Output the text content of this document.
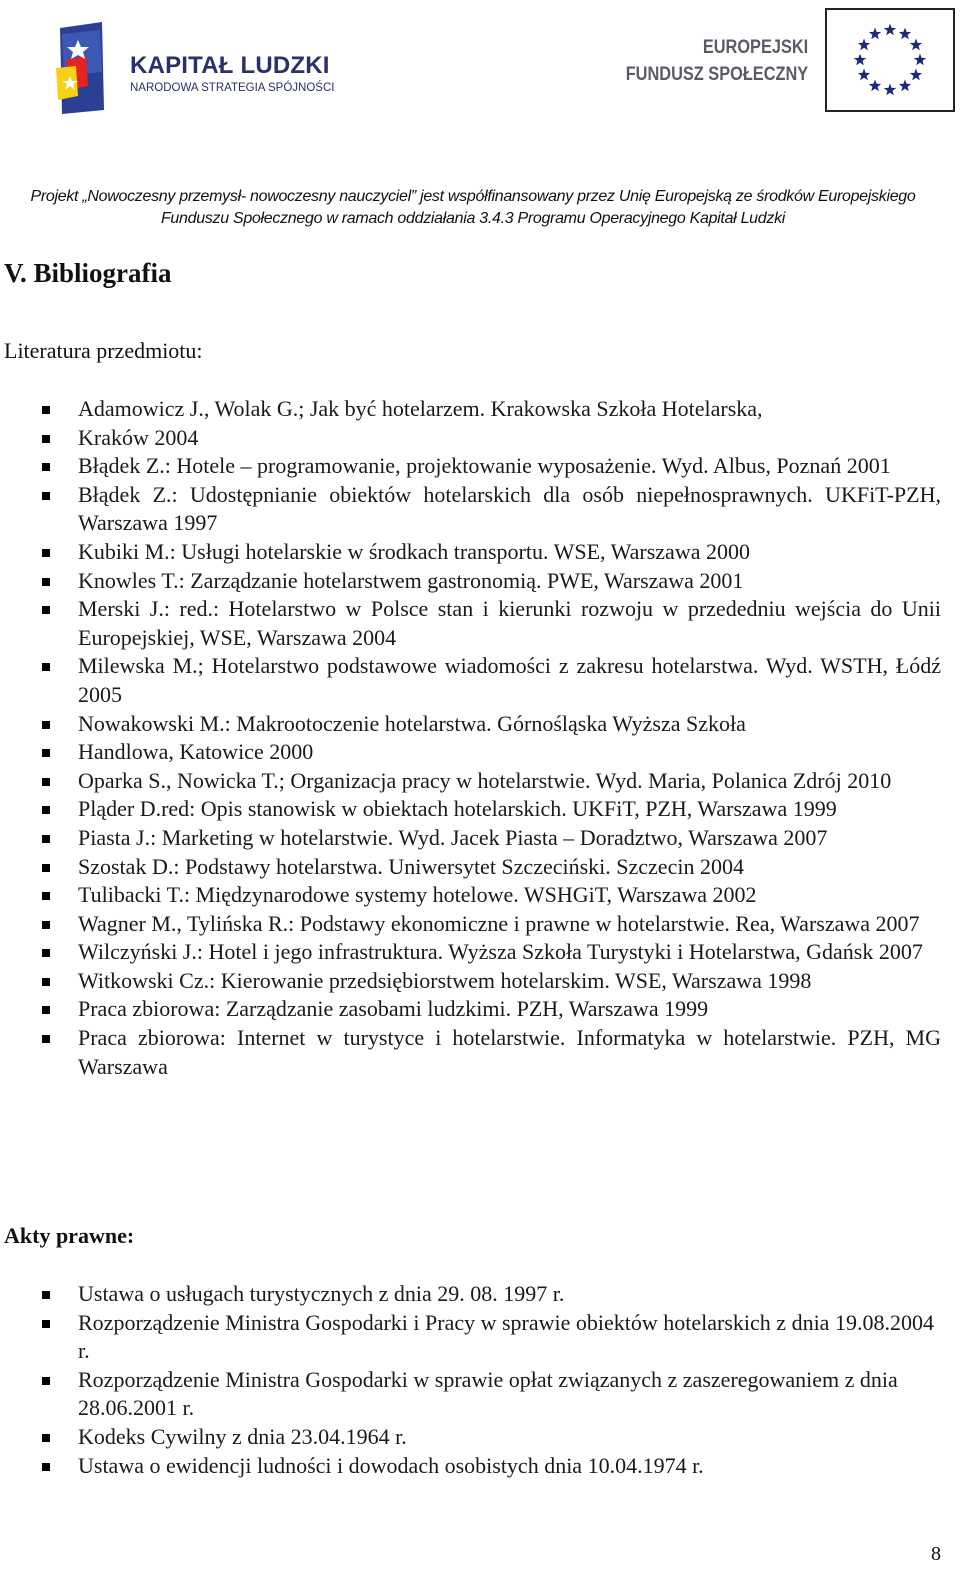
KAPITAŁ LUDZKI
NARODOWA STRATEGIA SPÓJNOŚCI
EUROPEJSKI
FUNDUSZ SPOŁECZNY
Projekt „Nowoczesny przemysł- nowoczesny nauczyciel” jest współfinansowany przez Unię Europejską ze środków Europejskiego
Funduszu Społecznego w ramach oddziałania 3.4.3 Programu Operacyjnego Kapitał Ludzki
V. Bibliografia
Literatura przedmiotu:
Adamowicz J., Wolak G.; Jak być hotelarzem. Krakowska Szkoła Hotelarska,
Kraków 2004
Błądek Z.: Hotele – programowanie, projektowanie wyposażenie. Wyd. Albus, Poznań 2001
Błądek Z.: Udostępnianie obiektów hotelarskich dla osób niepełnosprawnych. UKFiT-PZH, Warszawa 1997
Kubiki M.: Usługi hotelarskie w środkach transportu. WSE, Warszawa 2000
Knowles T.: Zarządzanie hotelarstwem gastronomią. PWE, Warszawa 2001
Merski J.: red.: Hotelarstwo w Polsce stan i kierunki rozwoju w przededniu wejścia do Unii Europejskiej, WSE, Warszawa 2004
Milewska M.; Hotelarstwo podstawowe wiadomości z zakresu hotelarstwa. Wyd. WSTH, Łódź 2005
Nowakowski M.: Makrootoczenie hotelarstwa. Górnośląska Wyższa Szkoła
Handlowa, Katowice 2000
Oparka S., Nowicka T.; Organizacja pracy w hotelarstwie. Wyd. Maria, Polanica Zdrój 2010
Pląder D.red: Opis stanowisk w obiektach hotelarskich. UKFiT, PZH, Warszawa 1999
Piasta J.: Marketing w hotelarstwie. Wyd. Jacek Piasta – Doradztwo, Warszawa 2007
Szostak D.: Podstawy hotelarstwa. Uniwersytet Szczeciński. Szczecin 2004
Tulibacki T.: Międzynarodowe systemy hotelowe. WSHGiT, Warszawa 2002
Wagner M., Tylińska R.: Podstawy ekonomiczne i prawne w hotelarstwie. Rea, Warszawa 2007
Wilczyński J.: Hotel i jego infrastruktura. Wyższa Szkoła Turystyki i Hotelarstwa, Gdańsk 2007
Witkowski Cz.: Kierowanie przedsiębiorstwem hotelarskim. WSE, Warszawa 1998
Praca zbiorowa: Zarządzanie zasobami ludzkimi. PZH, Warszawa 1999
Praca zbiorowa: Internet w turystyce i hotelarstwie. Informatyka w hotelarstwie. PZH, MG Warszawa
Akty prawne:
Ustawa o usługach turystycznych z dnia 29. 08. 1997 r.
Rozporządzenie Ministra Gospodarki i Pracy w sprawie obiektów hotelarskich z dnia 19.08.2004 r.
Rozporządzenie Ministra Gospodarki w sprawie opłat związanych z zaszeregowaniem z dnia 28.06.2001 r.
Kodeks Cywilny z dnia 23.04.1964 r.
Ustawa o ewidencji ludności i dowodach osobistych dnia 10.04.1974 r.
8
